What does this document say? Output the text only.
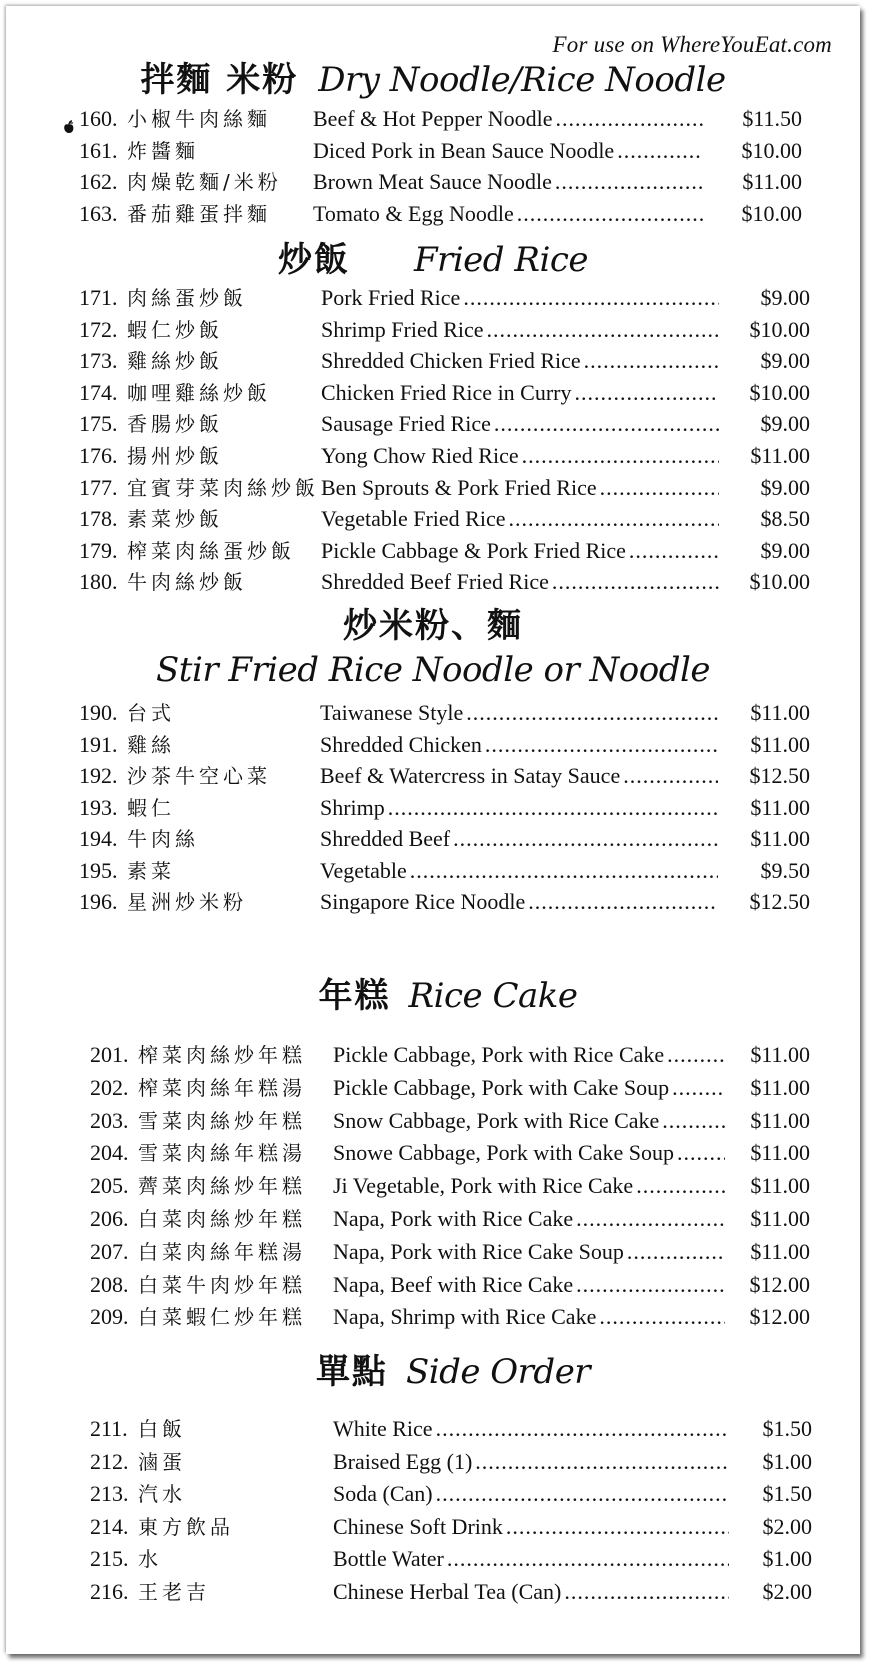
For use on WhereYouEat.com
拌麵 米粉 Dry Noodle/Rice Noodle
160. 小椒牛肉絲麵 Beef & Hot Pepper Noodle .....	$11.50
161. 炸醬麵	Diced Pork in Bean Sauce Noodle .....	$10.00
162. 肉燥乾麵/米粉 Brown Meat Sauce Noodle .....	$11.00
163. 番茄雞蛋拌麵 Tomato & Egg Noodle .....	$10.00
炒飯 Fried Rice
171. 肉絲蛋炒飯	Pork Fried Rice .....	$9.00
172. 蝦仁炒飯	Shrimp Fried Rice .....	$10.00
173. 雞絲炒飯	Shredded Chicken Fried Rice .....	$9.00
174. 咖哩雞絲炒飯 Chicken Fried Rice in Curry .....	$10.00
175. 香腸炒飯	Sausage Fried Rice .....	$9.00
176. 揚州炒飯	Yong Chow Ried Rice .....	$11.00
177. 宜賓芽菜肉絲炒飯 Ben Sprouts & Pork Fried Rice .....	$9.00
178. 素菜炒飯	Vegetable Fried Rice .....	$8.50
179. 榨菜肉絲蛋炒飯 Pickle Cabbage & Pork Fried Rice .....	$9.00
180. 牛肉絲炒飯	Shredded Beef Fried Rice .....	$10.00
炒米粉、麵
Stir Fried Rice Noodle or Noodle
190. 台式	Taiwanese Style .....	$11.00
191. 雞絲	Shredded Chicken .....	$11.00
192. 沙茶牛空心菜 Beef & Watercress in Satay Sauce .....	$12.50
193. 蝦仁	Shrimp .....	$11.00
194. 牛肉絲	Shredded Beef .....	$11.00
195. 素菜	Vegetable .....	$9.50
196. 星洲炒米粉	Singapore Rice Noodle .....	$12.50
年糕 Rice Cake
201. 榨菜肉絲炒年糕 Pickle Cabbage, Pork with Rice Cake .....	$11.00
202. 榨菜肉絲年糕湯 Pickle Cabbage, Pork with Cake Soup .....	$11.00
203. 雪菜肉絲炒年糕 Snow Cabbage, Pork with Rice Cake .....	$11.00
204. 雪菜肉絲年糕湯 Snowe Cabbage, Pork with Cake Soup .....	$11.00
205. 薺菜肉絲炒年糕 Ji Vegetable, Pork with Rice Cake .....	$11.00
206. 白菜肉絲炒年糕 Napa, Pork with Rice Cake .....	$11.00
207. 白菜肉絲年糕湯 Napa, Pork with Rice Cake Soup .....	$11.00
208. 白菜牛肉炒年糕 Napa, Beef with Rice Cake .....	$12.00
209. 白菜蝦仁炒年糕 Napa, Shrimp with Rice Cake .....	$12.00
單點 Side Order
211. 白飯	White Rice .....	$1.50
212. 滷蛋	Braised Egg (1) .....	$1.00
213. 汽水	Soda (Can) .....	$1.50
214. 東方飲品	Chinese Soft Drink .....	$2.00
215. 水	Bottle Water .....	$1.00
216. 王老吉	Chinese Herbal Tea (Can) .....	$2.00
